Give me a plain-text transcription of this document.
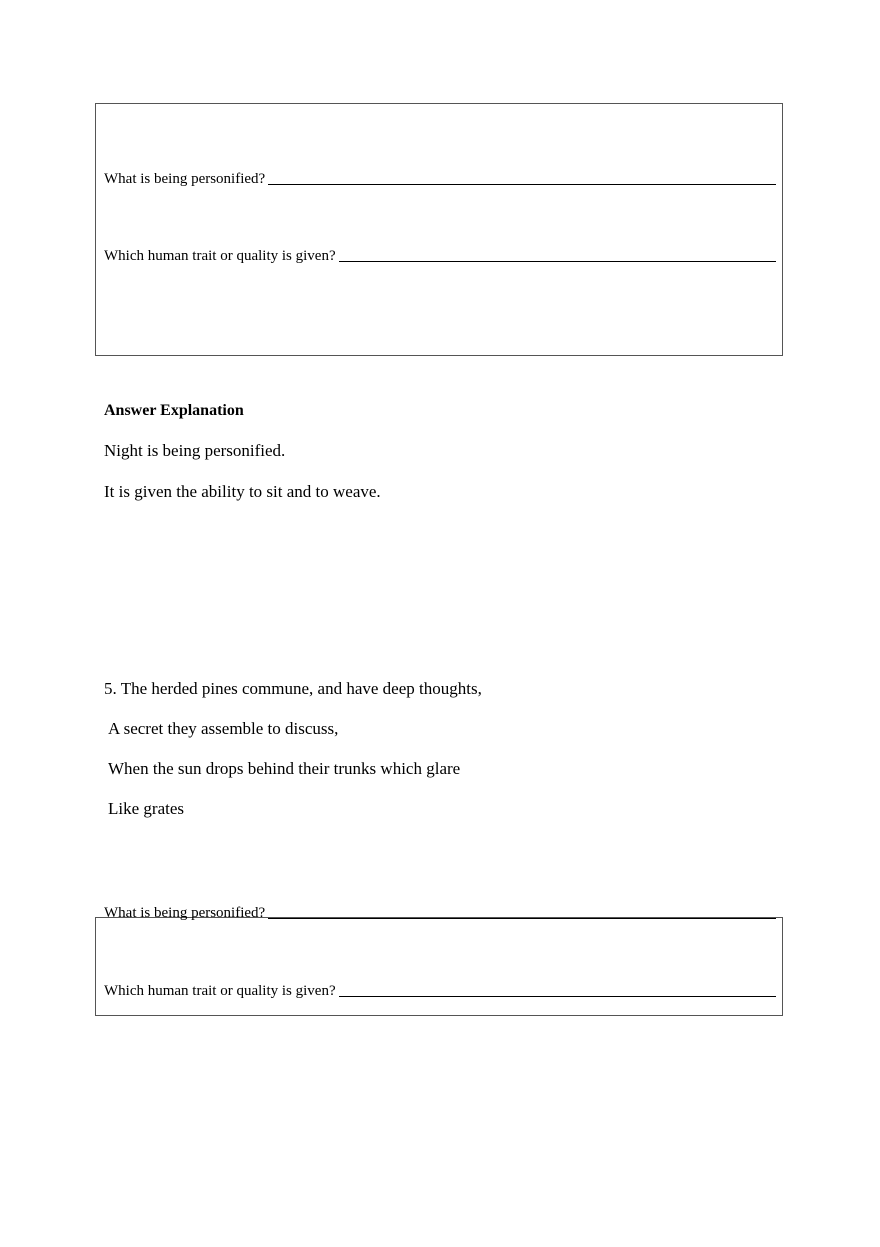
What is being personified?
Which human trait or quality is given?
Answer Explanation
Night is being personified.
It is given the ability to sit and to weave.
5. The herded pines commune, and have deep thoughts,
A secret they assemble to discuss,
When the sun drops behind their trunks which glare
Like grates
What is being personified?
Which human trait or quality is given?
